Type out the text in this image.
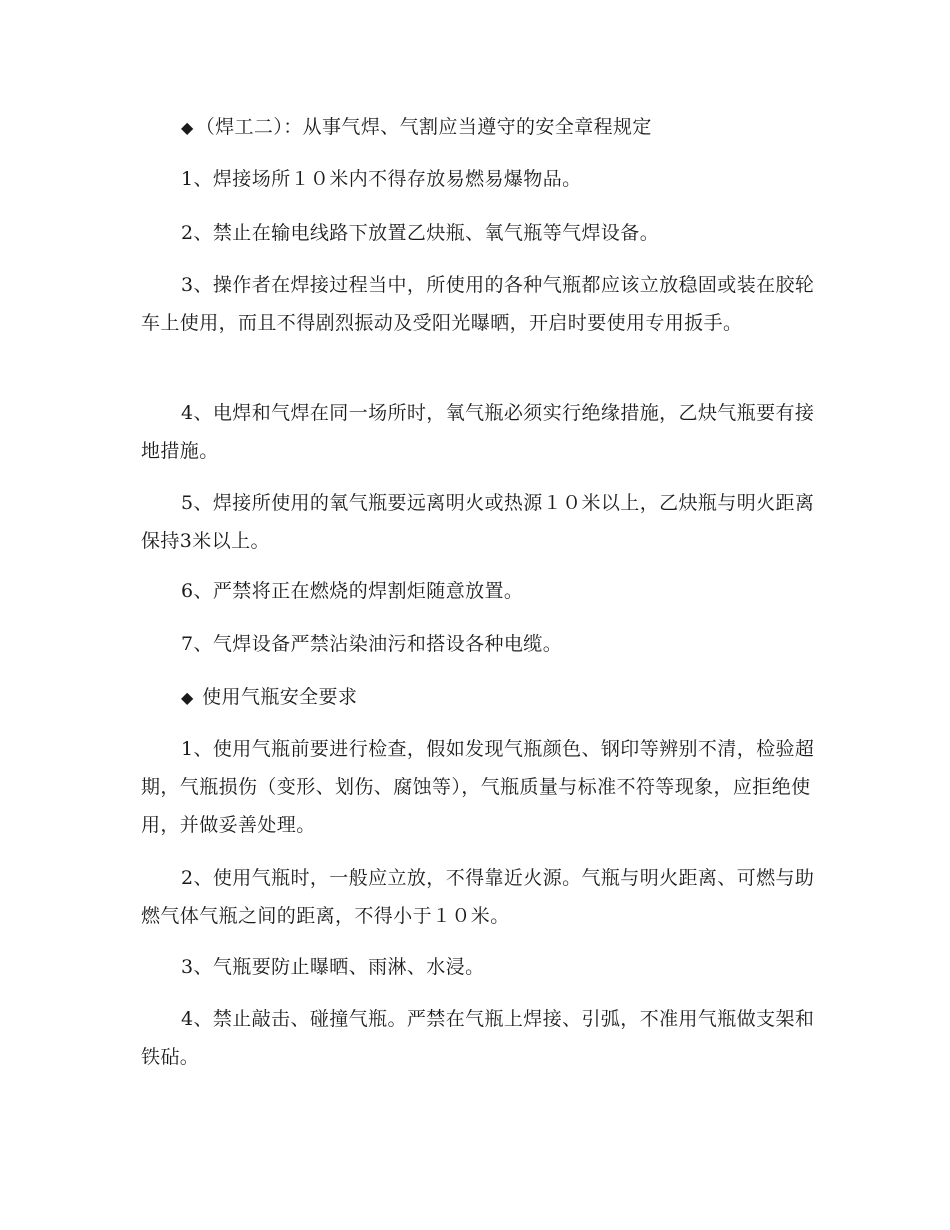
◆ （焊工二）：从事气焊、气割应当遵守的安全章程规定

1、焊接场所１０米内不得存放易燃易爆物品。

2、禁止在输电线路下放置乙炔瓶、氧气瓶等气焊设备。

3、操作者在焊接过程当中，所使用的各种气瓶都应该立放稳固或装在胶轮车上使用，而且不得剧烈振动及受阳光曝晒，开启时要使用专用扳手。

4、电焊和气焊在同一场所时，氧气瓶必须实行绝缘措施，乙炔气瓶要有接地措施。

5、焊接所使用的氧气瓶要远离明火或热源１０米以上，乙炔瓶与明火距离保持3米以上。

6、严禁将正在燃烧的焊割炬随意放置。

7、气焊设备严禁沾染油污和搭设各种电缆。

◆ 使用气瓶安全要求

1、使用气瓶前要进行检查，假如发现气瓶颜色、钢印等辨别不清，检验超期，气瓶损伤（变形、划伤、腐蚀等），气瓶质量与标准不符等现象，应拒绝使用，并做妥善处理。

2、使用气瓶时，一般应立放，不得靠近火源。气瓶与明火距离、可燃与助燃气体气瓶之间的距离，不得小于１０米。

3、气瓶要防止曝晒、雨淋、水浸。

4、禁止敲击、碰撞气瓶。严禁在气瓶上焊接、引弧，不准用气瓶做支架和铁砧。
